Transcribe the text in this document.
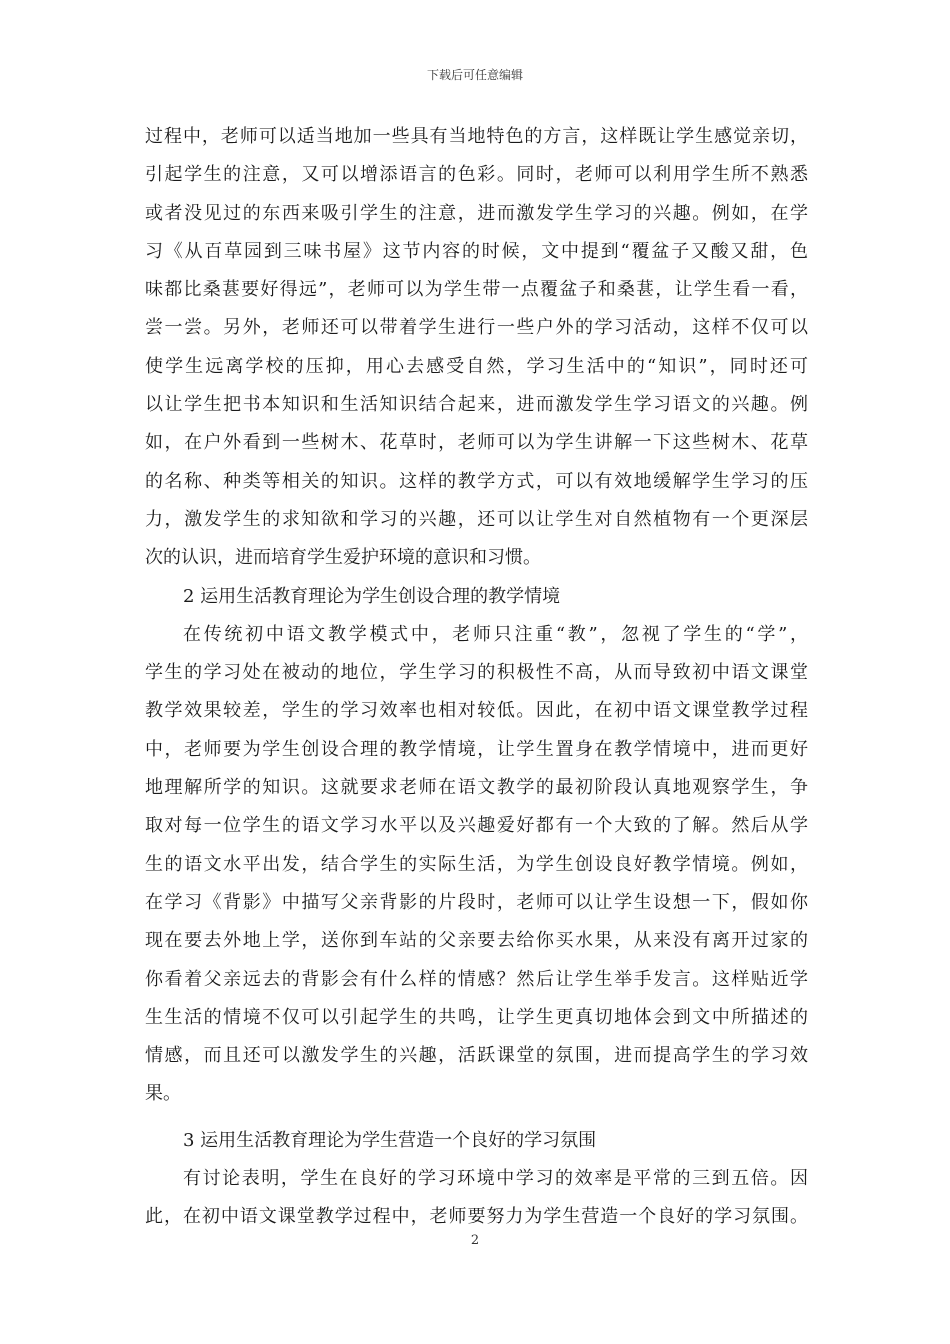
下载后可任意编辑
过程中，老师可以适当地加一些具有当地特色的方言，这样既让学生感觉亲切，
引起学生的注意，又可以增添语言的色彩。同时，老师可以利用学生所不熟悉
或者没见过的东西来吸引学生的注意，进而激发学生学习的兴趣。例如，在学
习《从百草园到三味书屋》这节内容的时候，文中提到“覆盆子又酸又甜，色
味都比桑葚要好得远”，老师可以为学生带一点覆盆子和桑葚，让学生看一看，
尝一尝。另外，老师还可以带着学生进行一些户外的学习活动，这样不仅可以
使学生远离学校的压抑，用心去感受自然，学习生活中的“知识”，同时还可
以让学生把书本知识和生活知识结合起来，进而激发学生学习语文的兴趣。例
如，在户外看到一些树木、花草时，老师可以为学生讲解一下这些树木、花草
的名称、种类等相关的知识。这样的教学方式，可以有效地缓解学生学习的压
力，激发学生的求知欲和学习的兴趣，还可以让学生对自然植物有一个更深层
次的认识，进而培育学生爱护环境的意识和习惯。
2 运用生活教育理论为学生创设合理的教学情境
在传统初中语文教学模式中，老师只注重“教”，忽视了学生的“学”，
学生的学习处在被动的地位，学生学习的积极性不高，从而导致初中语文课堂
教学效果较差，学生的学习效率也相对较低。因此，在初中语文课堂教学过程
中，老师要为学生创设合理的教学情境，让学生置身在教学情境中，进而更好
地理解所学的知识。这就要求老师在语文教学的最初阶段认真地观察学生，争
取对每一位学生的语文学习水平以及兴趣爱好都有一个大致的了解。然后从学
生的语文水平出发，结合学生的实际生活，为学生创设良好教学情境。例如，
在学习《背影》中描写父亲背影的片段时，老师可以让学生设想一下，假如你
现在要去外地上学，送你到车站的父亲要去给你买水果，从来没有离开过家的
你看着父亲远去的背影会有什么样的情感？然后让学生举手发言。这样贴近学
生生活的情境不仅可以引起学生的共鸣，让学生更真切地体会到文中所描述的
情感，而且还可以激发学生的兴趣，活跃课堂的氛围，进而提高学生的学习效
果。
3 运用生活教育理论为学生营造一个良好的学习氛围
有讨论表明，学生在良好的学习环境中学习的效率是平常的三到五倍。因
此，在初中语文课堂教学过程中，老师要努力为学生营造一个良好的学习氛围。
2
